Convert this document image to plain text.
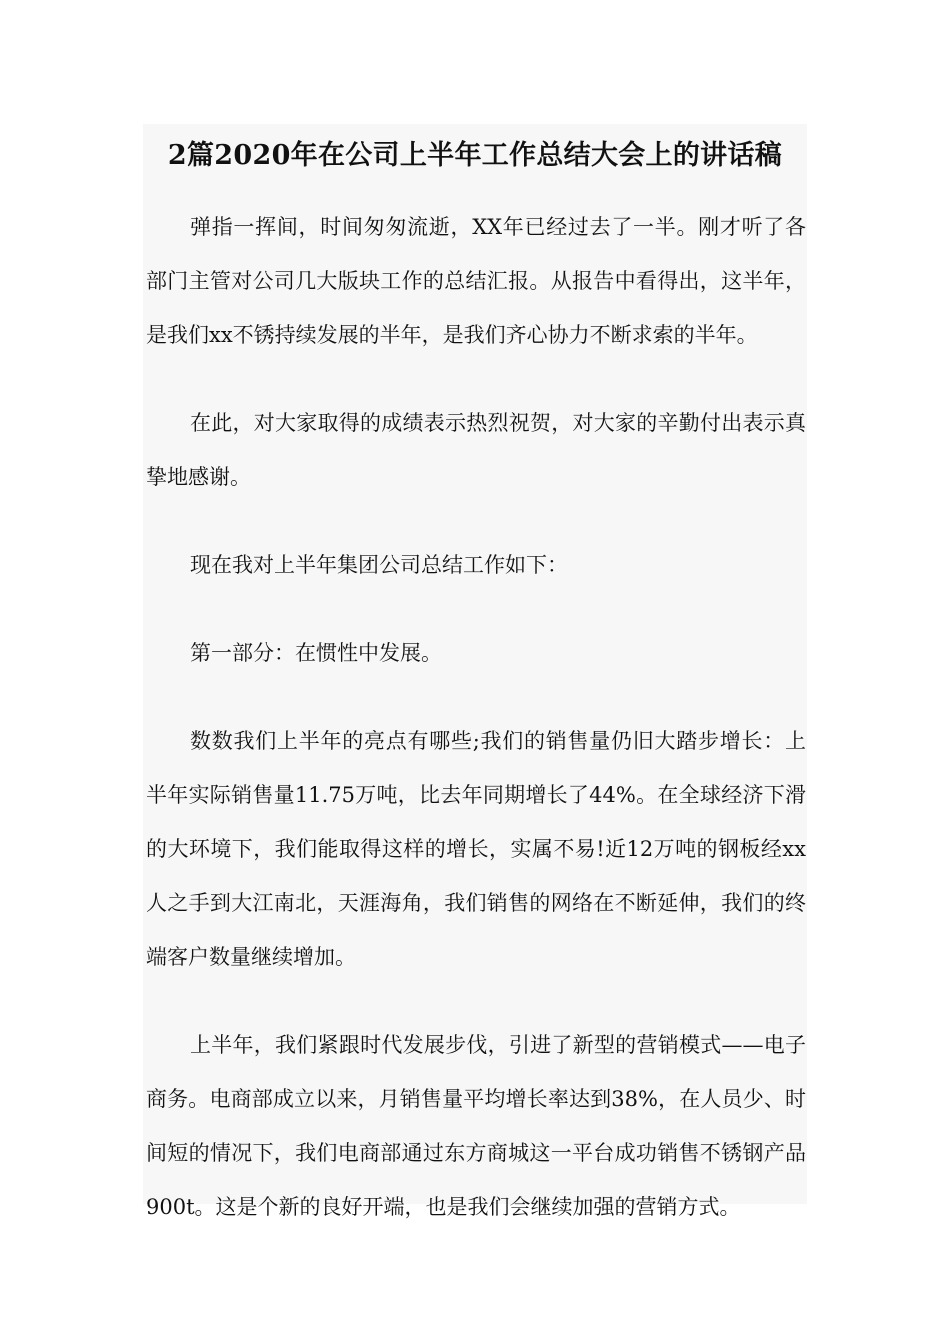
2篇2020年在公司上半年工作总结大会上的讲话稿

弹指一挥间，时间匆匆流逝，XX年已经过去了一半。刚才听了各部门主管对公司几大版块工作的总结汇报。从报告中看得出，这半年，是我们xx不锈持续发展的半年，是我们齐心协力不断求索的半年。

在此，对大家取得的成绩表示热烈祝贺，对大家的辛勤付出表示真挚地感谢。

现在我对上半年集团公司总结工作如下：

第一部分：在惯性中发展。

数数我们上半年的亮点有哪些;我们的销售量仍旧大踏步增长：上半年实际销售量11.75万吨，比去年同期增长了44%。在全球经济下滑的大环境下，我们能取得这样的增长，实属不易!近12万吨的钢板经xx人之手到大江南北，天涯海角，我们销售的网络在不断延伸，我们的终端客户数量继续增加。

上半年，我们紧跟时代发展步伐，引进了新型的营销模式——电子商务。电商部成立以来，月销售量平均增长率达到38%，在人员少、时间短的情况下，我们电商部通过东方商城这一平台成功销售不锈钢产品900t。这是个新的良好开端，也是我们会继续加强的营销方式。
